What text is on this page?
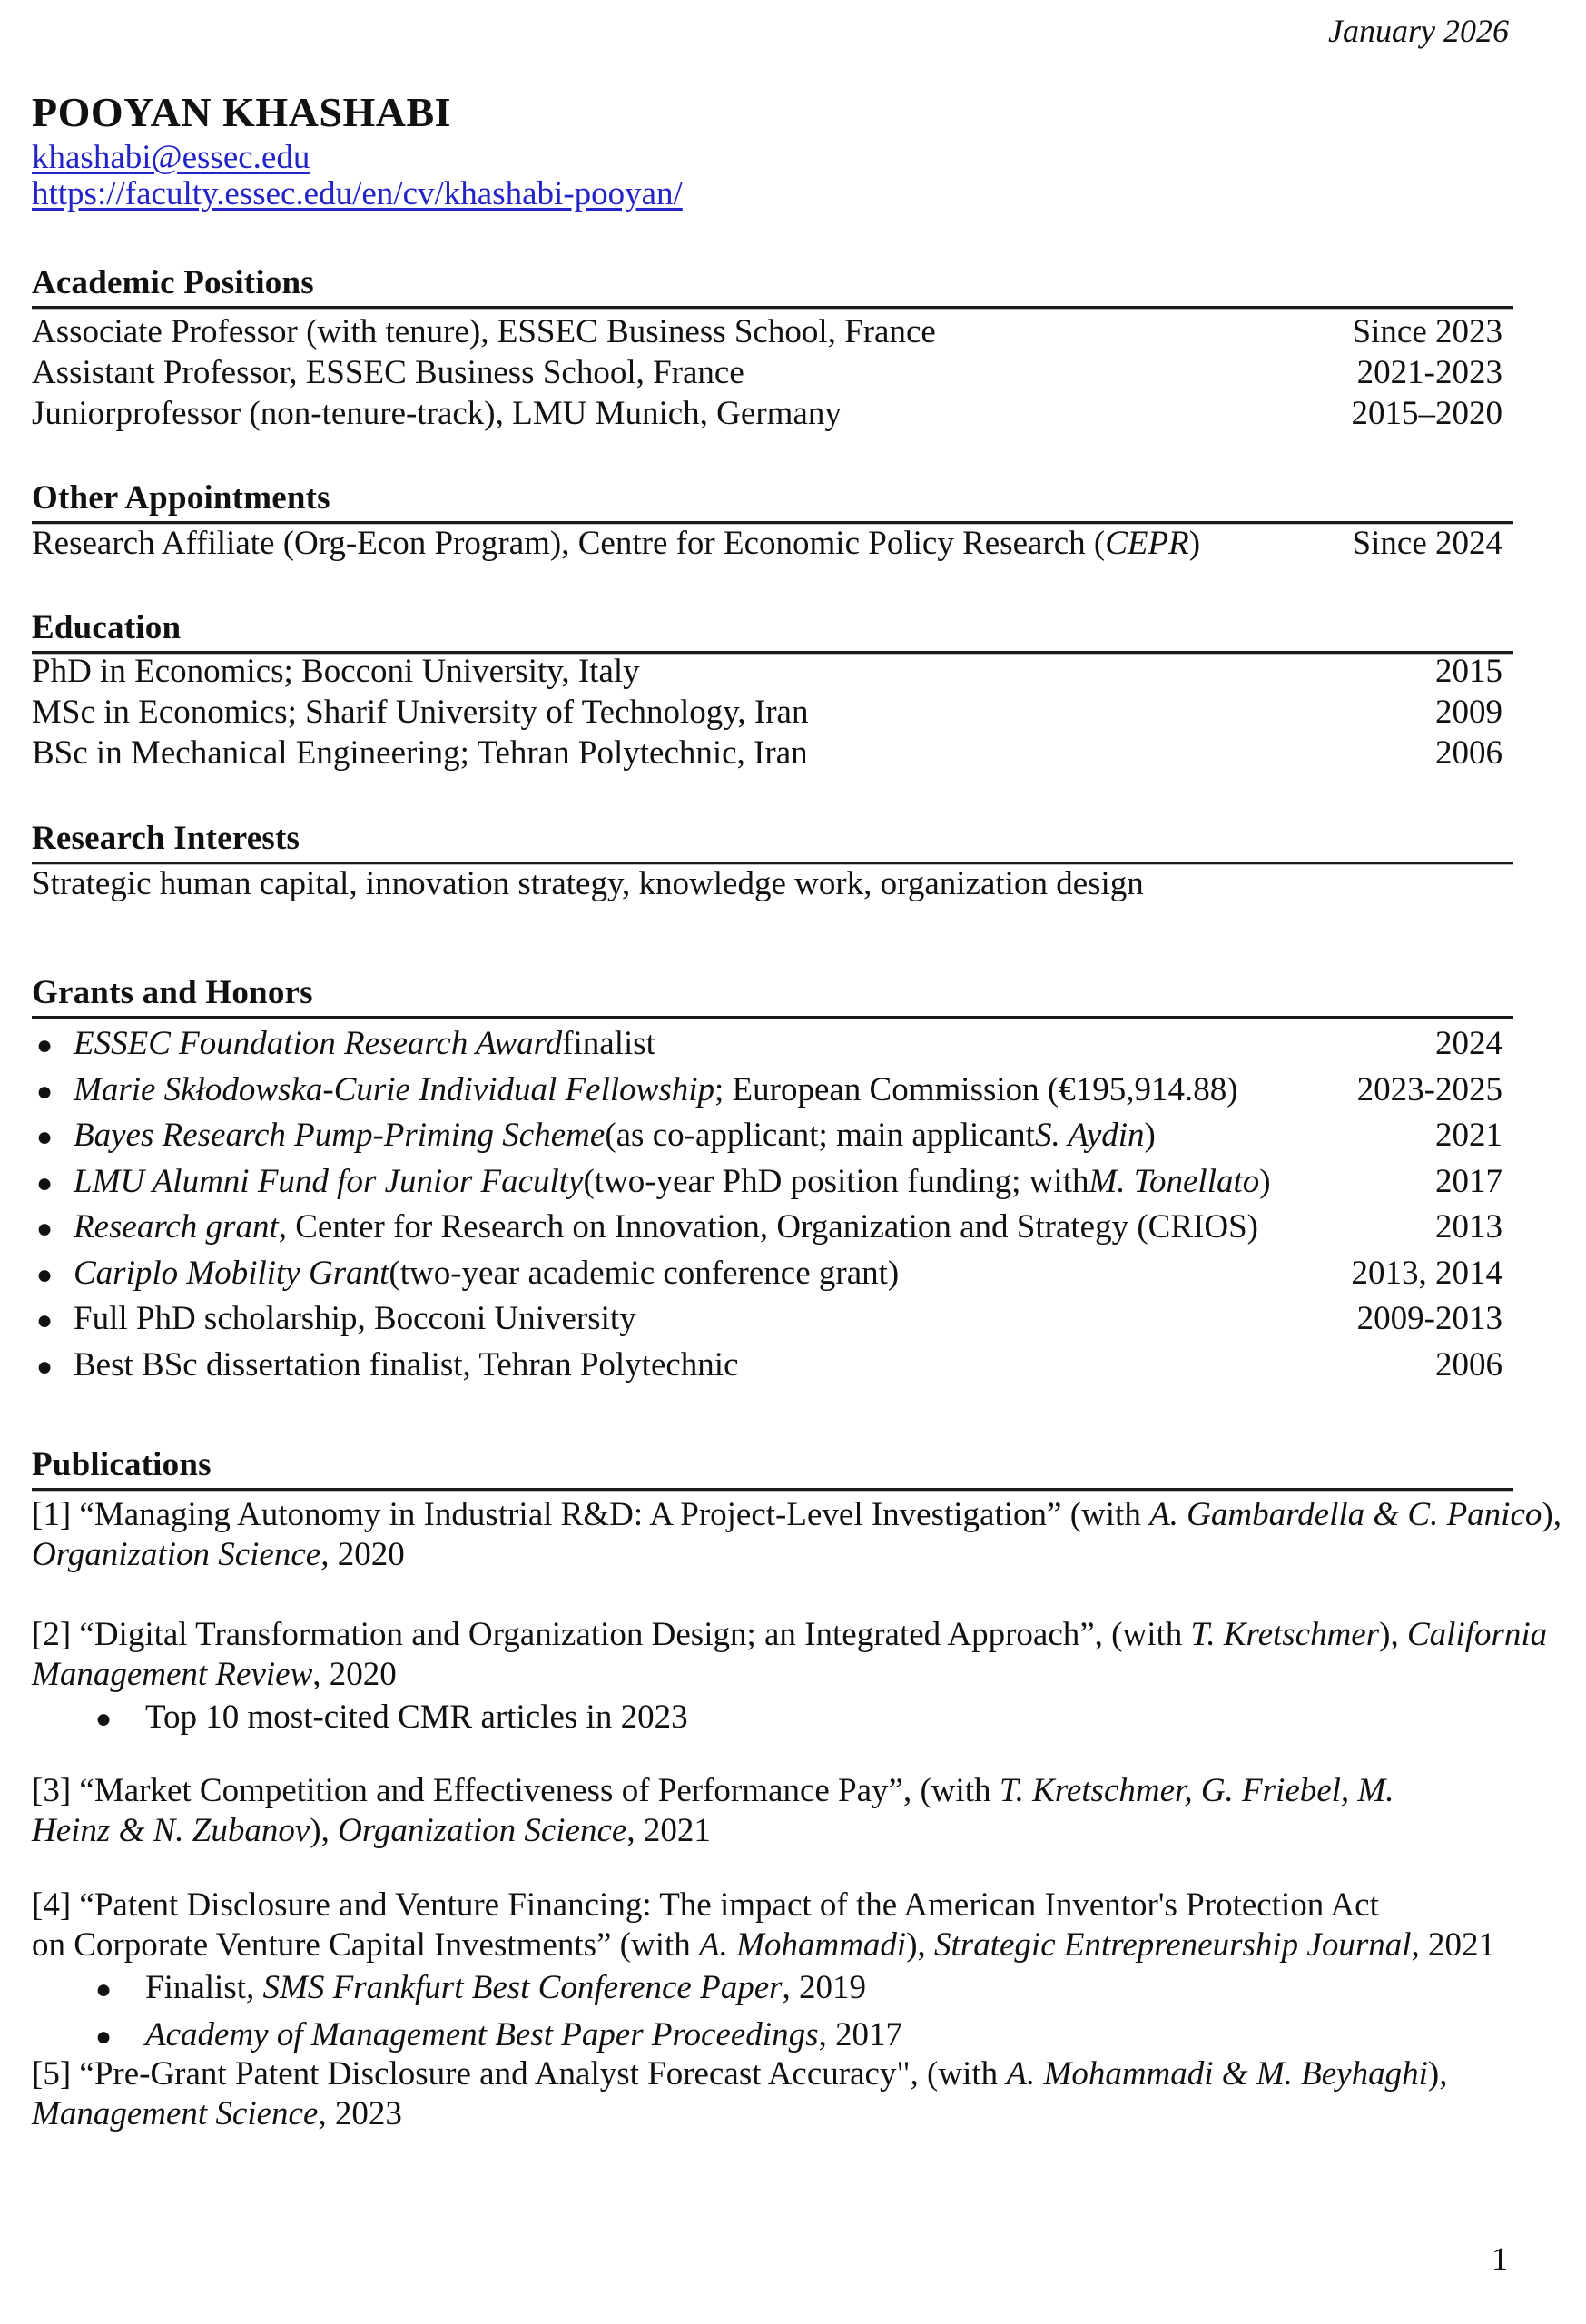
January 2026
POOYAN KHASHABI
khashabi@essec.edu
https://faculty.essec.edu/en/cv/khashabi-pooyan/
Academic Positions
Associate Professor (with tenure), ESSEC Business School, France	Since 2023
Assistant Professor, ESSEC Business School, France	2021-2023
Juniorprofessor (non-tenure-track), LMU Munich, Germany	2015–2020
Other Appointments
Research Affiliate (Org-Econ Program), Centre for Economic Policy Research (CEPR)	Since 2024
Education
PhD in Economics; Bocconi University, Italy	2015
MSc in Economics; Sharif University of Technology, Iran	2009
BSc in Mechanical Engineering; Tehran Polytechnic, Iran	2006
Research Interests
Strategic human capital, innovation strategy, knowledge work, organization design
Grants and Honors
● ESSEC Foundation Research Award finalist	2024
● Marie Skłodowska-Curie Individual Fellowship ; European Commission (€195,914.88)	2023-2025
● Bayes Research Pump-Priming Scheme (as co-applicant; main applicant S. Aydin )	2021
● LMU Alumni Fund for Junior Faculty (two-year PhD position funding; with M. Tonellato )	2017
● Research grant , Center for Research on Innovation, Organization and Strategy (CRIOS)	2013
● Cariplo Mobility Grant (two-year academic conference grant)	2013, 2014
● Full PhD scholarship, Bocconi University	2009-2013
● Best BSc dissertation finalist, Tehran Polytechnic	2006
Publications
[1] “Managing Autonomy in Industrial R&D: A Project-Level Investigation” (with A. Gambardella & C. Panico),
Organization Science, 2020
[2] “Digital Transformation and Organization Design; an Integrated Approach”, (with T. Kretschmer), California
Management Review, 2020
● Top 10 most-cited CMR articles in 2023
[3] “Market Competition and Effectiveness of Performance Pay”, (with T. Kretschmer, G. Friebel, M.
Heinz & N. Zubanov), Organization Science, 2021
[4] “Patent Disclosure and Venture Financing: The impact of the American Inventor's Protection Act
on Corporate Venture Capital Investments” (with A. Mohammadi), Strategic Entrepreneurship Journal, 2021
● Finalist , SMS Frankfurt Best Conference Paper , 2019
● Academy of Management Best Paper Proceedings , 2017
[5] “Pre-Grant Patent Disclosure and Analyst Forecast Accuracy", (with A. Mohammadi & M. Beyhaghi),
Management Science, 2023
1
